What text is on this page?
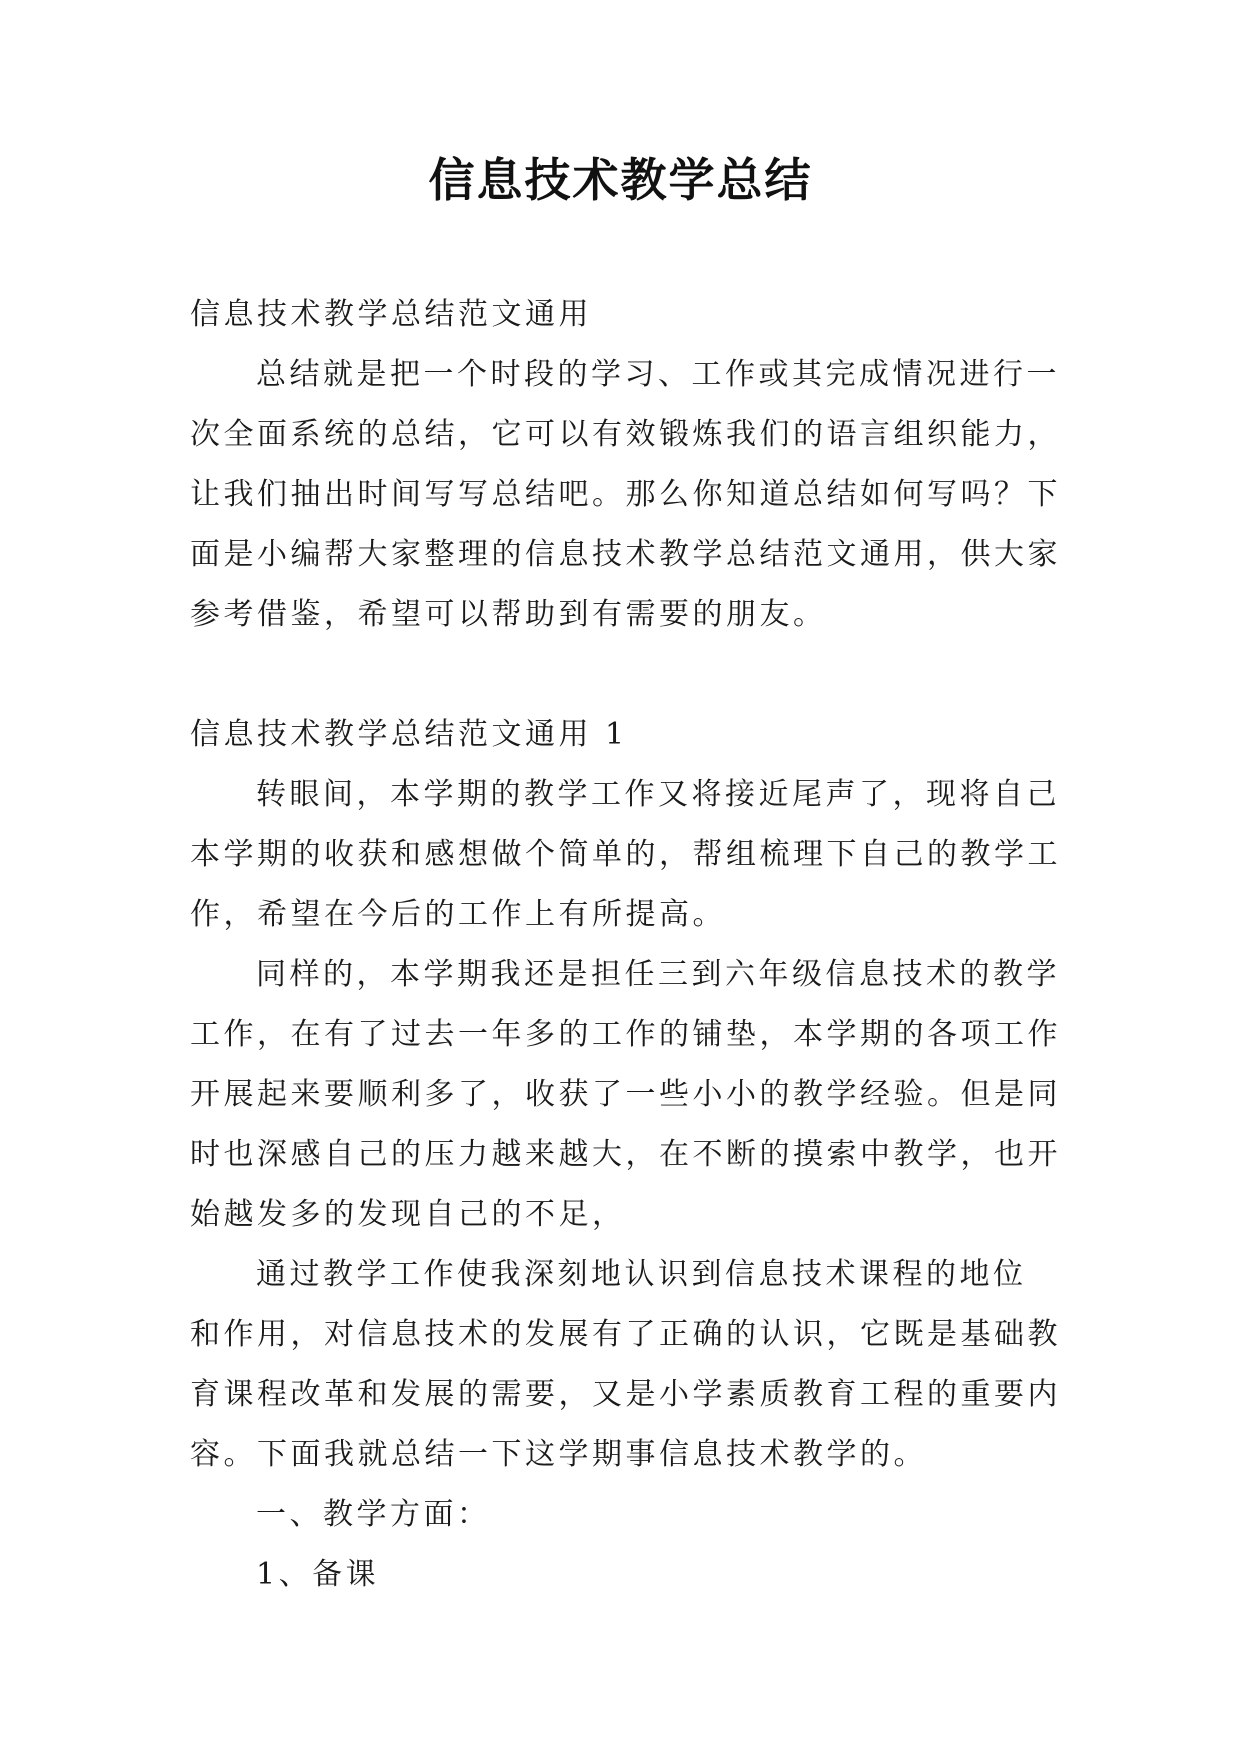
信息技术教学总结

信息技术教学总结范文通用

总结就是把一个时段的学习、工作或其完成情况进行一

次全面系统的总结，它可以有效锻炼我们的语言组织能力，

让我们抽出时间写写总结吧。那么你知道总结如何写吗？下

面是小编帮大家整理的信息技术教学总结范文通用，供大家

参考借鉴，希望可以帮助到有需要的朋友。

信息技术教学总结范文通用 1

转眼间，本学期的教学工作又将接近尾声了，现将自己

本学期的收获和感想做个简单的，帮组梳理下自己的教学工

作，希望在今后的工作上有所提高。

同样的，本学期我还是担任三到六年级信息技术的教学

工作，在有了过去一年多的工作的铺垫，本学期的各项工作

开展起来要顺利多了，收获了一些小小的教学经验。但是同

时也深感自己的压力越来越大，在不断的摸索中教学，也开

始越发多的发现自己的不足，

通过教学工作使我深刻地认识到信息技术课程的地位

和作用，对信息技术的发展有了正确的认识，它既是基础教

育课程改革和发展的需要，又是小学素质教育工程的重要内

容。下面我就总结一下这学期事信息技术教学的。

一、教学方面：

1、备课
